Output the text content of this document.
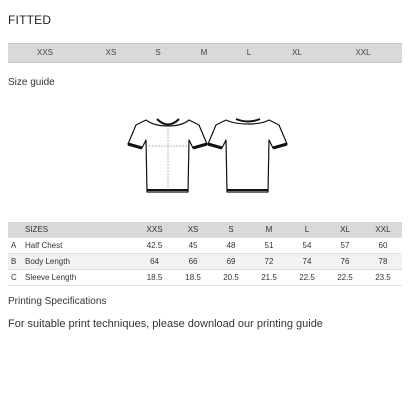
FITTED
XXS	XS	S	M	L	XL	XXL
Size guide
	SIZES	XXS	XS	S	M	L	XL	XXL
A	Half Chest	42.5	45	48	51	54	57	60
B	Body Length	64	66	69	72	74	76	78
C	Sleeve Length	18.5	18.5	20.5	21.5	22.5	22.5	23.5
Printing Specifications
For suitable print techniques, please download our printing guide
